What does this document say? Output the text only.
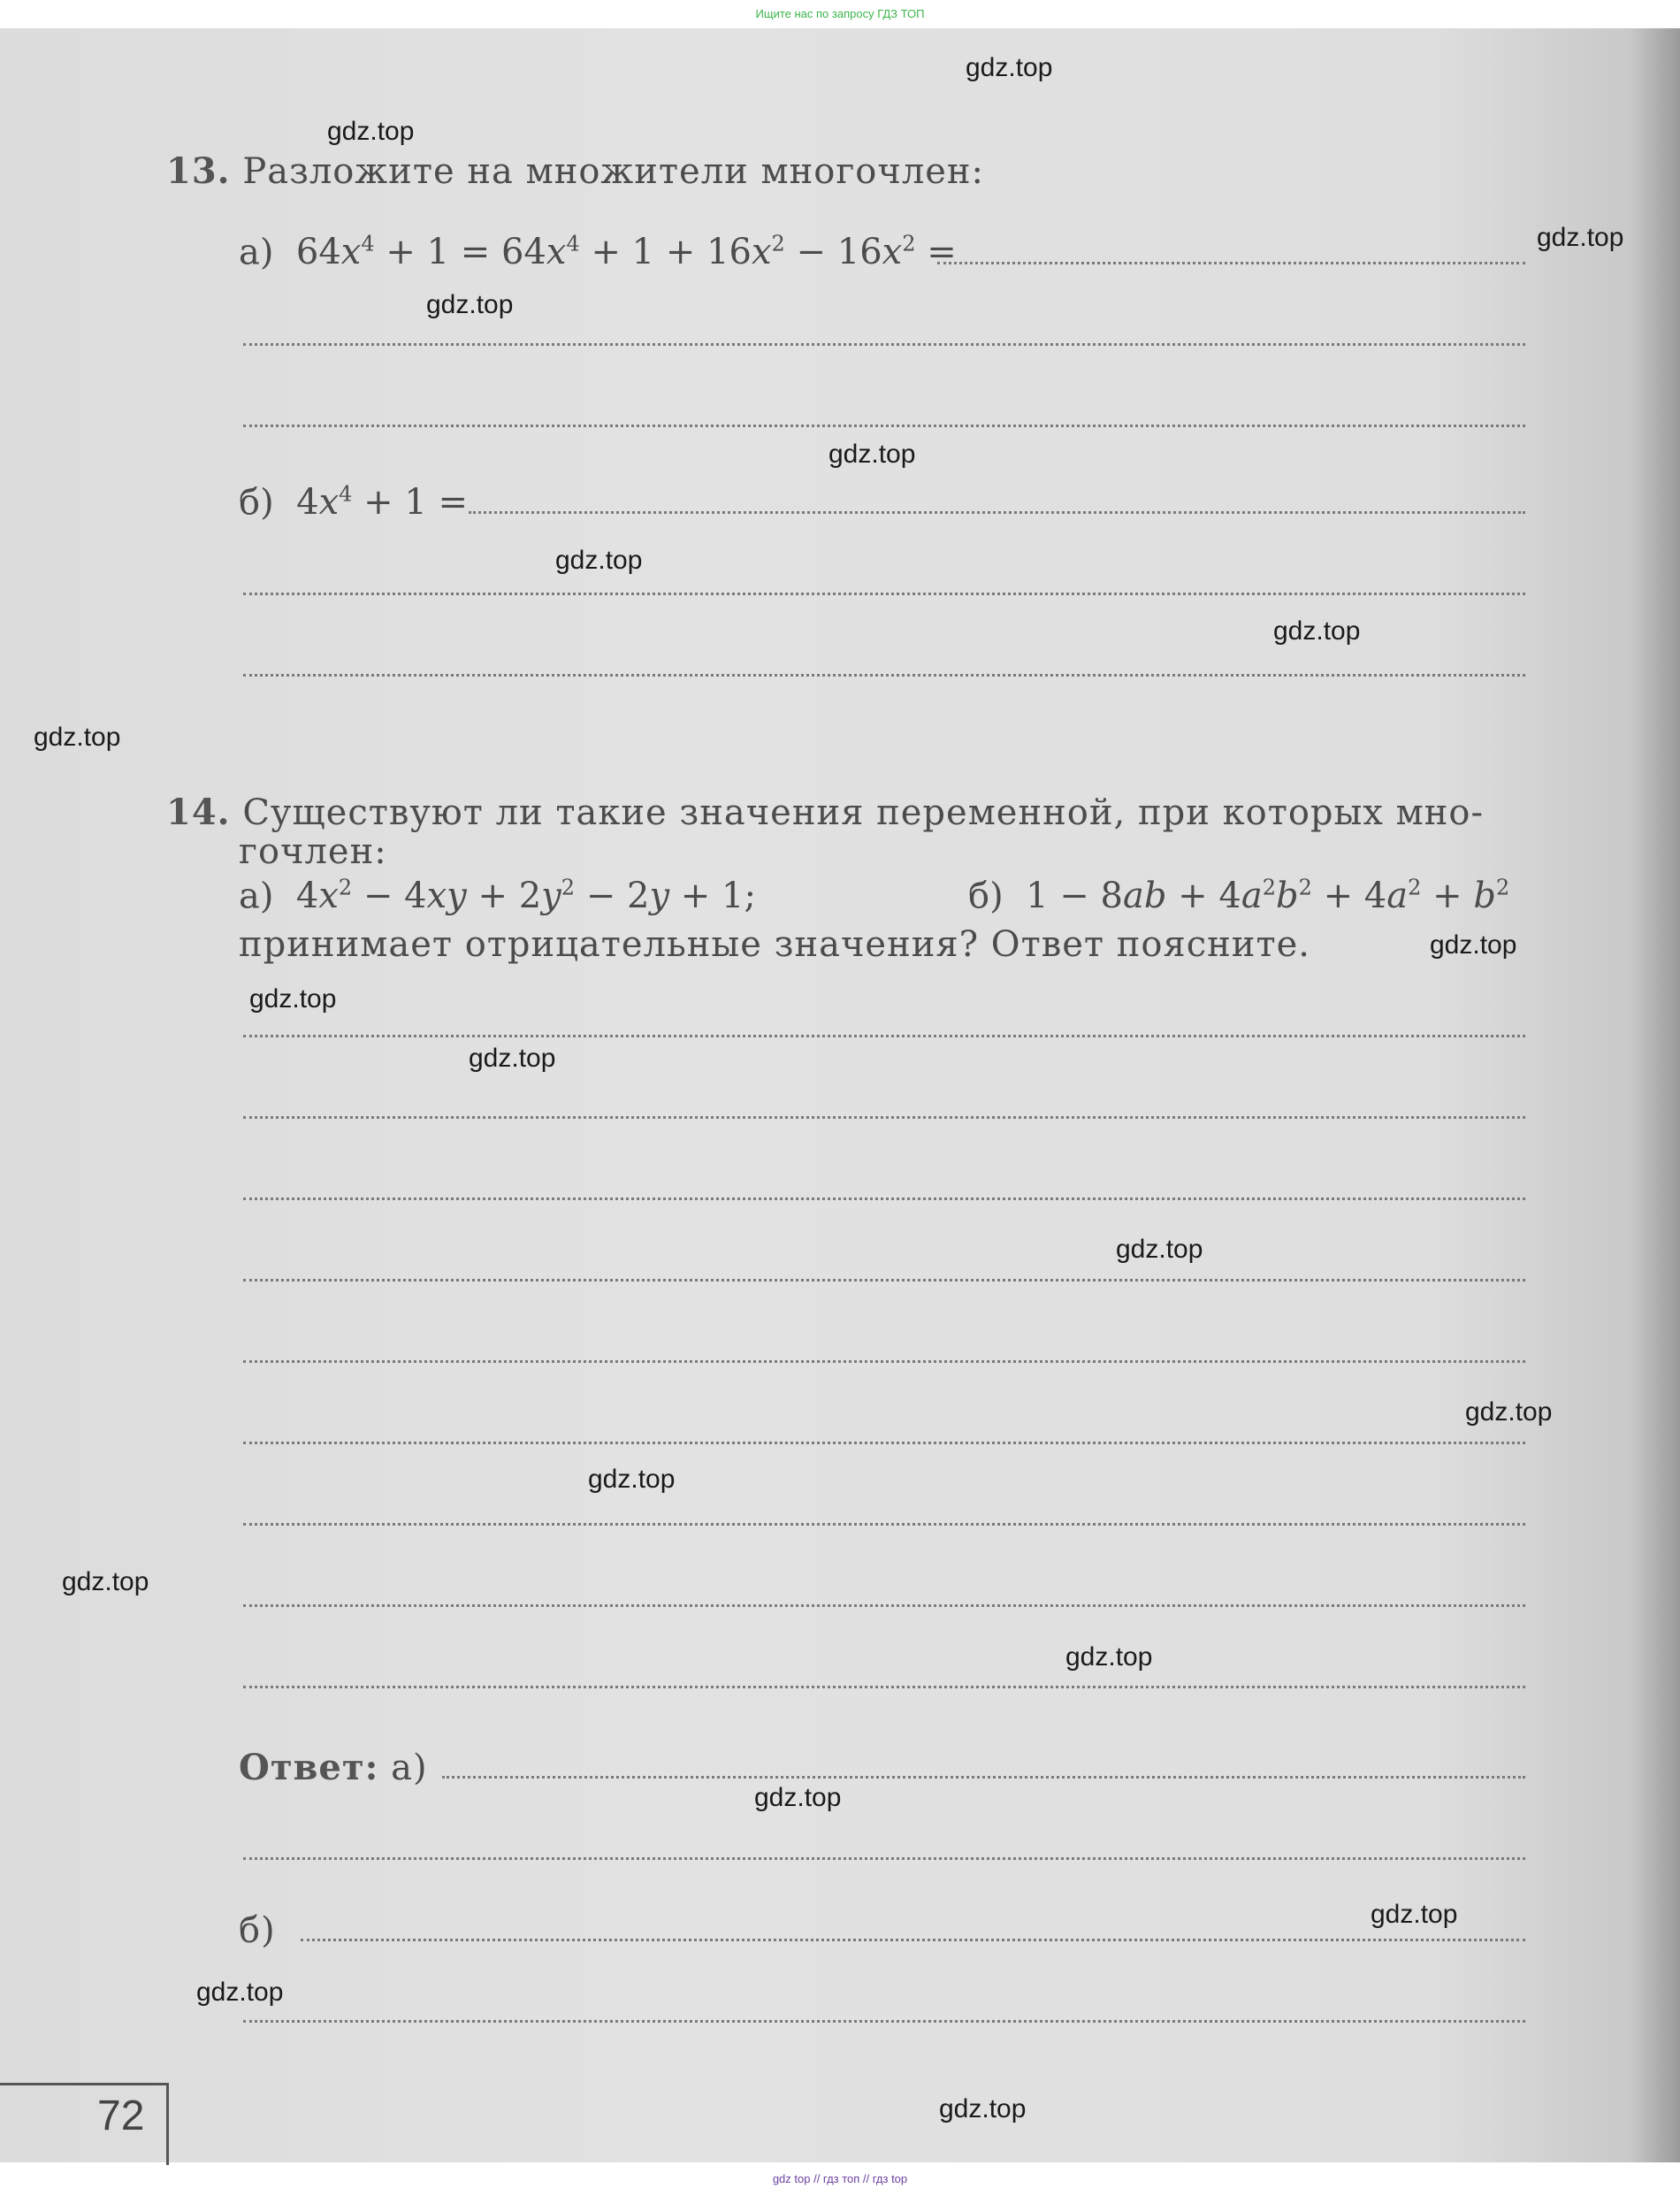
Ищите нас по запросу ГДЗ ТОП
13. Разложите на множители многочлен:
а)  $64x^4 + 1 = 64x^4 + 1 + 16x^2 - 16x^2$ =
б)  $4x^4 + 1$ =
14. Существуют ли такие значения переменной, при которых мно-
гочлен:
а)  $4x^2 - 4xy + 2y^2 - 2y + 1$;	б)  $1 - 8ab + 4a^2b^2 + 4a^2 + b^2$
принимает отрицательные значения? Ответ поясните.
Ответ: а)
б)
72
gdz.top
gdz.top
gdz.top
gdz.top
gdz.top
gdz.top
gdz.top
gdz.top
gdz.top
gdz.top
gdz.top
gdz.top
gdz.top
gdz.top
gdz.top
gdz.top
gdz.top
gdz.top
gdz.top
gdz.top
gdz top // гдз топ // гдз top
